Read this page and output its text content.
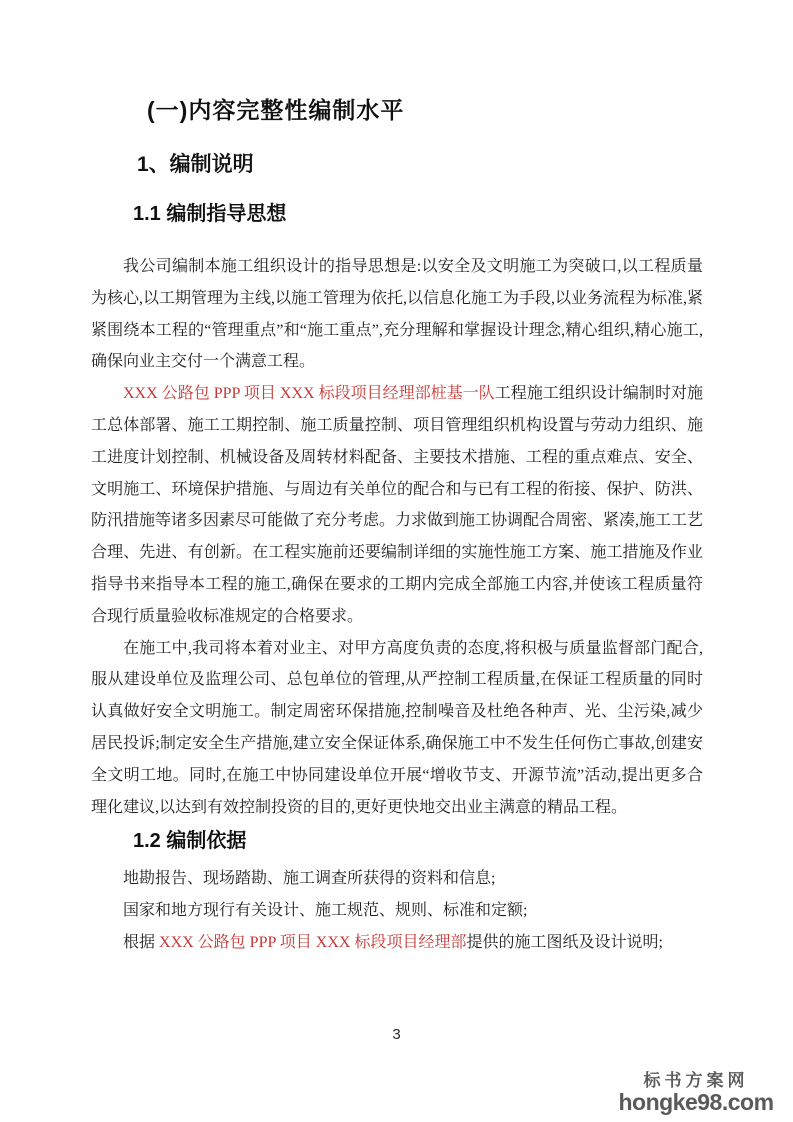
(一)内容完整性编制水平
1、编制说明
1.1 编制指导思想

我公司编制本施工组织设计的指导思想是:以安全及文明施工为突破口,以工程质量为核心,以工期管理为主线,以施工管理为依托,以信息化施工为手段,以业务流程为标准,紧紧围绕本工程的“管理重点”和“施工重点”,充分理解和掌握设计理念,精心组织,精心施工,确保向业主交付一个满意工程。

XXX 公路包 PPP 项目 XXX 标段项目经理部桩基一队工程施工组织设计编制时对施工总体部署、施工工期控制、施工质量控制、项目管理组织机构设置与劳动力组织、施工进度计划控制、机械设备及周转材料配备、主要技术措施、工程的重点难点、安全、文明施工、环境保护措施、与周边有关单位的配合和与已有工程的衔接、保护、防洪、防汛措施等诸多因素尽可能做了充分考虑。力求做到施工协调配合周密、紧凑,施工工艺合理、先进、有创新。在工程实施前还要编制详细的实施性施工方案、施工措施及作业指导书来指导本工程的施工,确保在要求的工期内完成全部施工内容,并使该工程质量符合现行质量验收标准规定的合格要求。

在施工中,我司将本着对业主、对甲方高度负责的态度,将积极与质量监督部门配合,服从建设单位及监理公司、总包单位的管理,从严控制工程质量,在保证工程质量的同时认真做好安全文明施工。制定周密环保措施,控制噪音及杜绝各种声、光、尘污染,减少居民投诉;制定安全生产措施,建立安全保证体系,确保施工中不发生任何伤亡事故,创建安全文明工地。同时,在施工中协同建设单位开展“增收节支、开源节流”活动,提出更多合理化建议,以达到有效控制投资的目的,更好更快地交出业主满意的精品工程。

1.2 编制依据

地勘报告、现场踏勘、施工调查所获得的资料和信息;

国家和地方现行有关设计、施工规范、规则、标准和定额;

根据 XXX 公路包 PPP 项目 XXX 标段项目经理部提供的施工图纸及设计说明;

3
标书方案网
hongke98.com
